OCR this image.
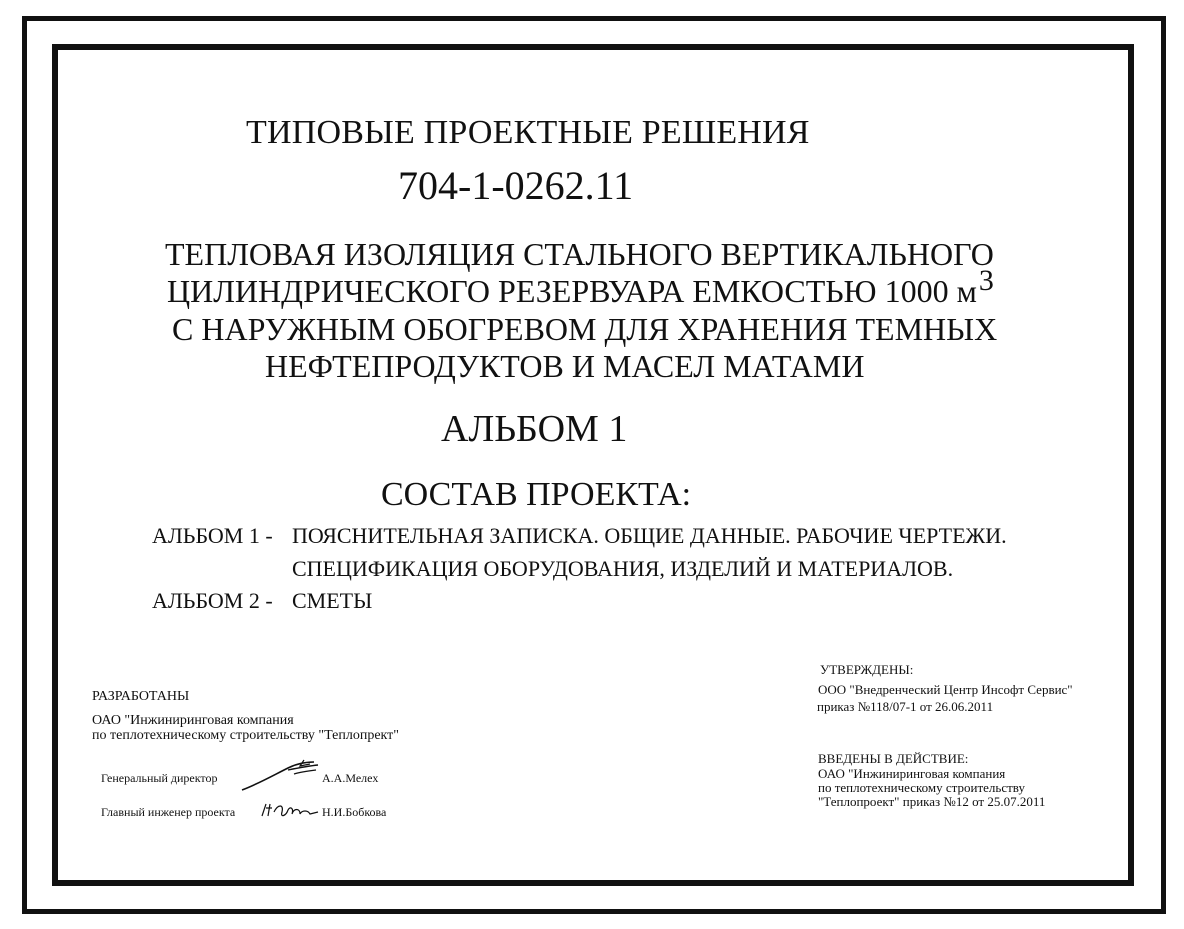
ТИПОВЫЕ ПРОЕКТНЫЕ РЕШЕНИЯ
704-1-0262.11
ТЕПЛОВАЯ ИЗОЛЯЦИЯ СТАЛЬНОГО ВЕРТИКАЛЬНОГО
ЦИЛИНДРИЧЕСКОГО РЕЗЕРВУАРА ЕМКОСТЬЮ 1000 $м^3$
С НАРУЖНЫМ ОБОГРЕВОМ ДЛЯ ХРАНЕНИЯ ТЕМНЫХ
НЕФТЕПРОДУКТОВ И МАСЕЛ МАТАМИ
АЛЬБОМ 1
СОСТАВ ПРОЕКТА:
АЛЬБОМ 1 - ПОЯСНИТЕЛЬНАЯ ЗАПИСКА. ОБЩИЕ ДАННЫЕ. РАБОЧИЕ ЧЕРТЕЖИ.
СПЕЦИФИКАЦИЯ ОБОРУДОВАНИЯ, ИЗДЕЛИЙ И МАТЕРИАЛОВ.
АЛЬБОМ 2 - СМЕТЫ
РАЗРАБОТАНЫ
ОАО "Инжиниринговая компания
по теплотехническому строительству "Теплопрект"
Генеральный директор	А.А.Мелех
Главный инженер проекта	Н.И.Бобкова
УТВЕРЖДЕНЫ:
ООО "Внедренческий Центр Инсофт Сервис"
приказ №118/07-1 от 26.06.2011
ВВЕДЕНЫ В ДЕЙСТВИЕ:
ОАО "Инжиниринговая компания
по теплотехническому строительству
"Теплопроект" приказ №12 от 25.07.2011
